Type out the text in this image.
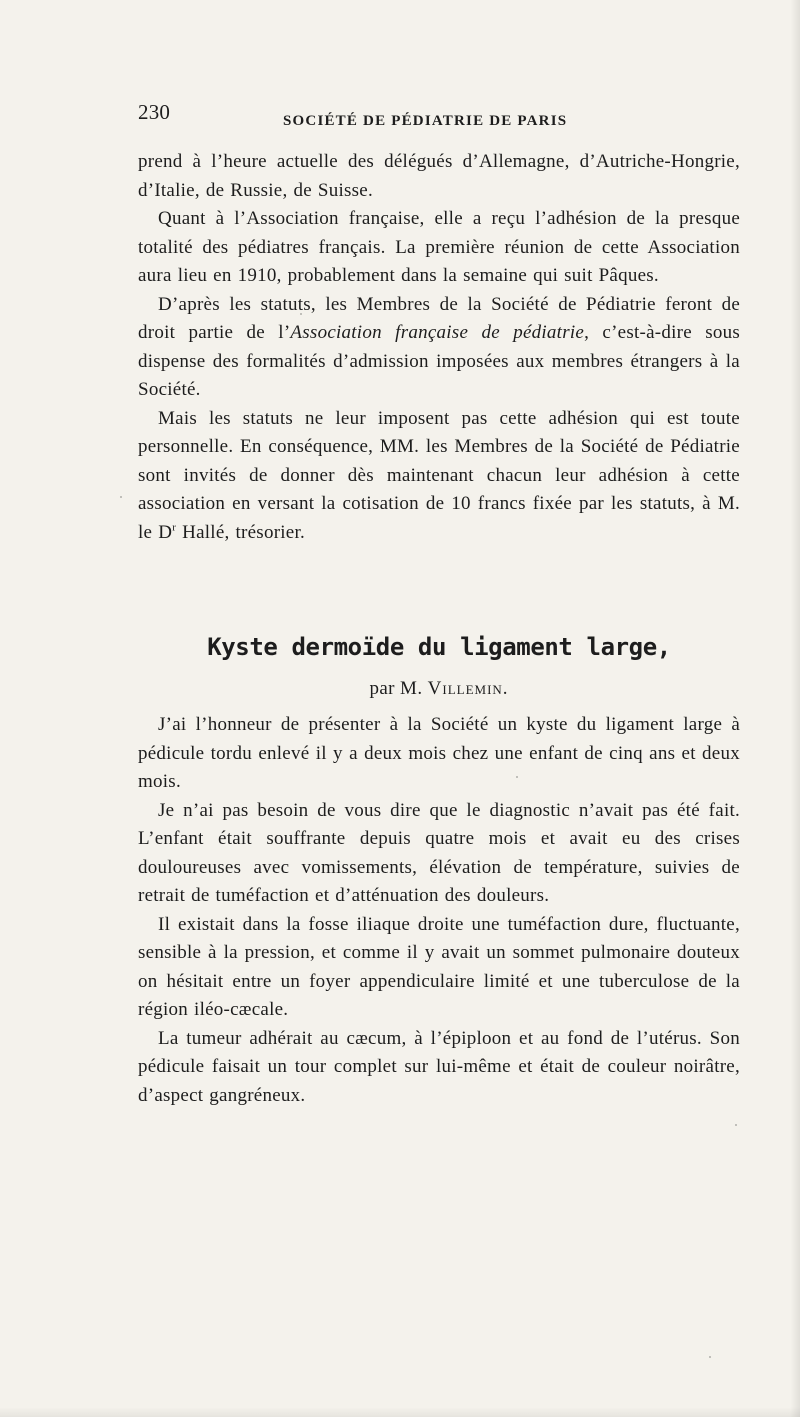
230	SOCIÉTÉ DE PÉDIATRIE DE PARIS

prend à l’heure actuelle des délégués d’Allemagne, d’Autriche-Hongrie, d’Italie, de Russie, de Suisse.

Quant à l’Association française, elle a reçu l’adhésion de la presque totalité des pédiatres français. La première réunion de cette Association aura lieu en 1910, probablement dans la semaine qui suit Pâques.

D’après les statuts, les Membres de la Société de Pédiatrie feront de droit partie de l’Association française de pédiatrie, c’est-à-dire sous dispense des formalités d’admission imposées aux membres étrangers à la Société.

Mais les statuts ne leur imposent pas cette adhésion qui est toute personnelle. En conséquence, MM. les Membres de la Société de Pédiatrie sont invités de donner dès maintenant chacun leur adhésion à cette association en versant la cotisation de 10 francs fixée par les statuts, à M. le $D^r$ Hallé, trésorier.

Kyste dermoïde du ligament large,
par M. Villemin.

J’ai l’honneur de présenter à la Société un kyste du ligament large à pédicule tordu enlevé il y a deux mois chez une enfant de cinq ans et deux mois.

Je n’ai pas besoin de vous dire que le diagnostic n’avait pas été fait. L’enfant était souffrante depuis quatre mois et avait eu des crises douloureuses avec vomissements, élévation de température, suivies de retrait de tuméfaction et d’atténuation des douleurs.

Il existait dans la fosse iliaque droite une tuméfaction dure, fluctuante, sensible à la pression, et comme il y avait un sommet pulmonaire douteux on hésitait entre un foyer appendiculaire limité et une tuberculose de la région iléo-cæcale.

La tumeur adhérait au cæcum, à l’épiploon et au fond de l’utérus. Son pédicule faisait un tour complet sur lui-même et était de couleur noirâtre, d’aspect gangréneux.
